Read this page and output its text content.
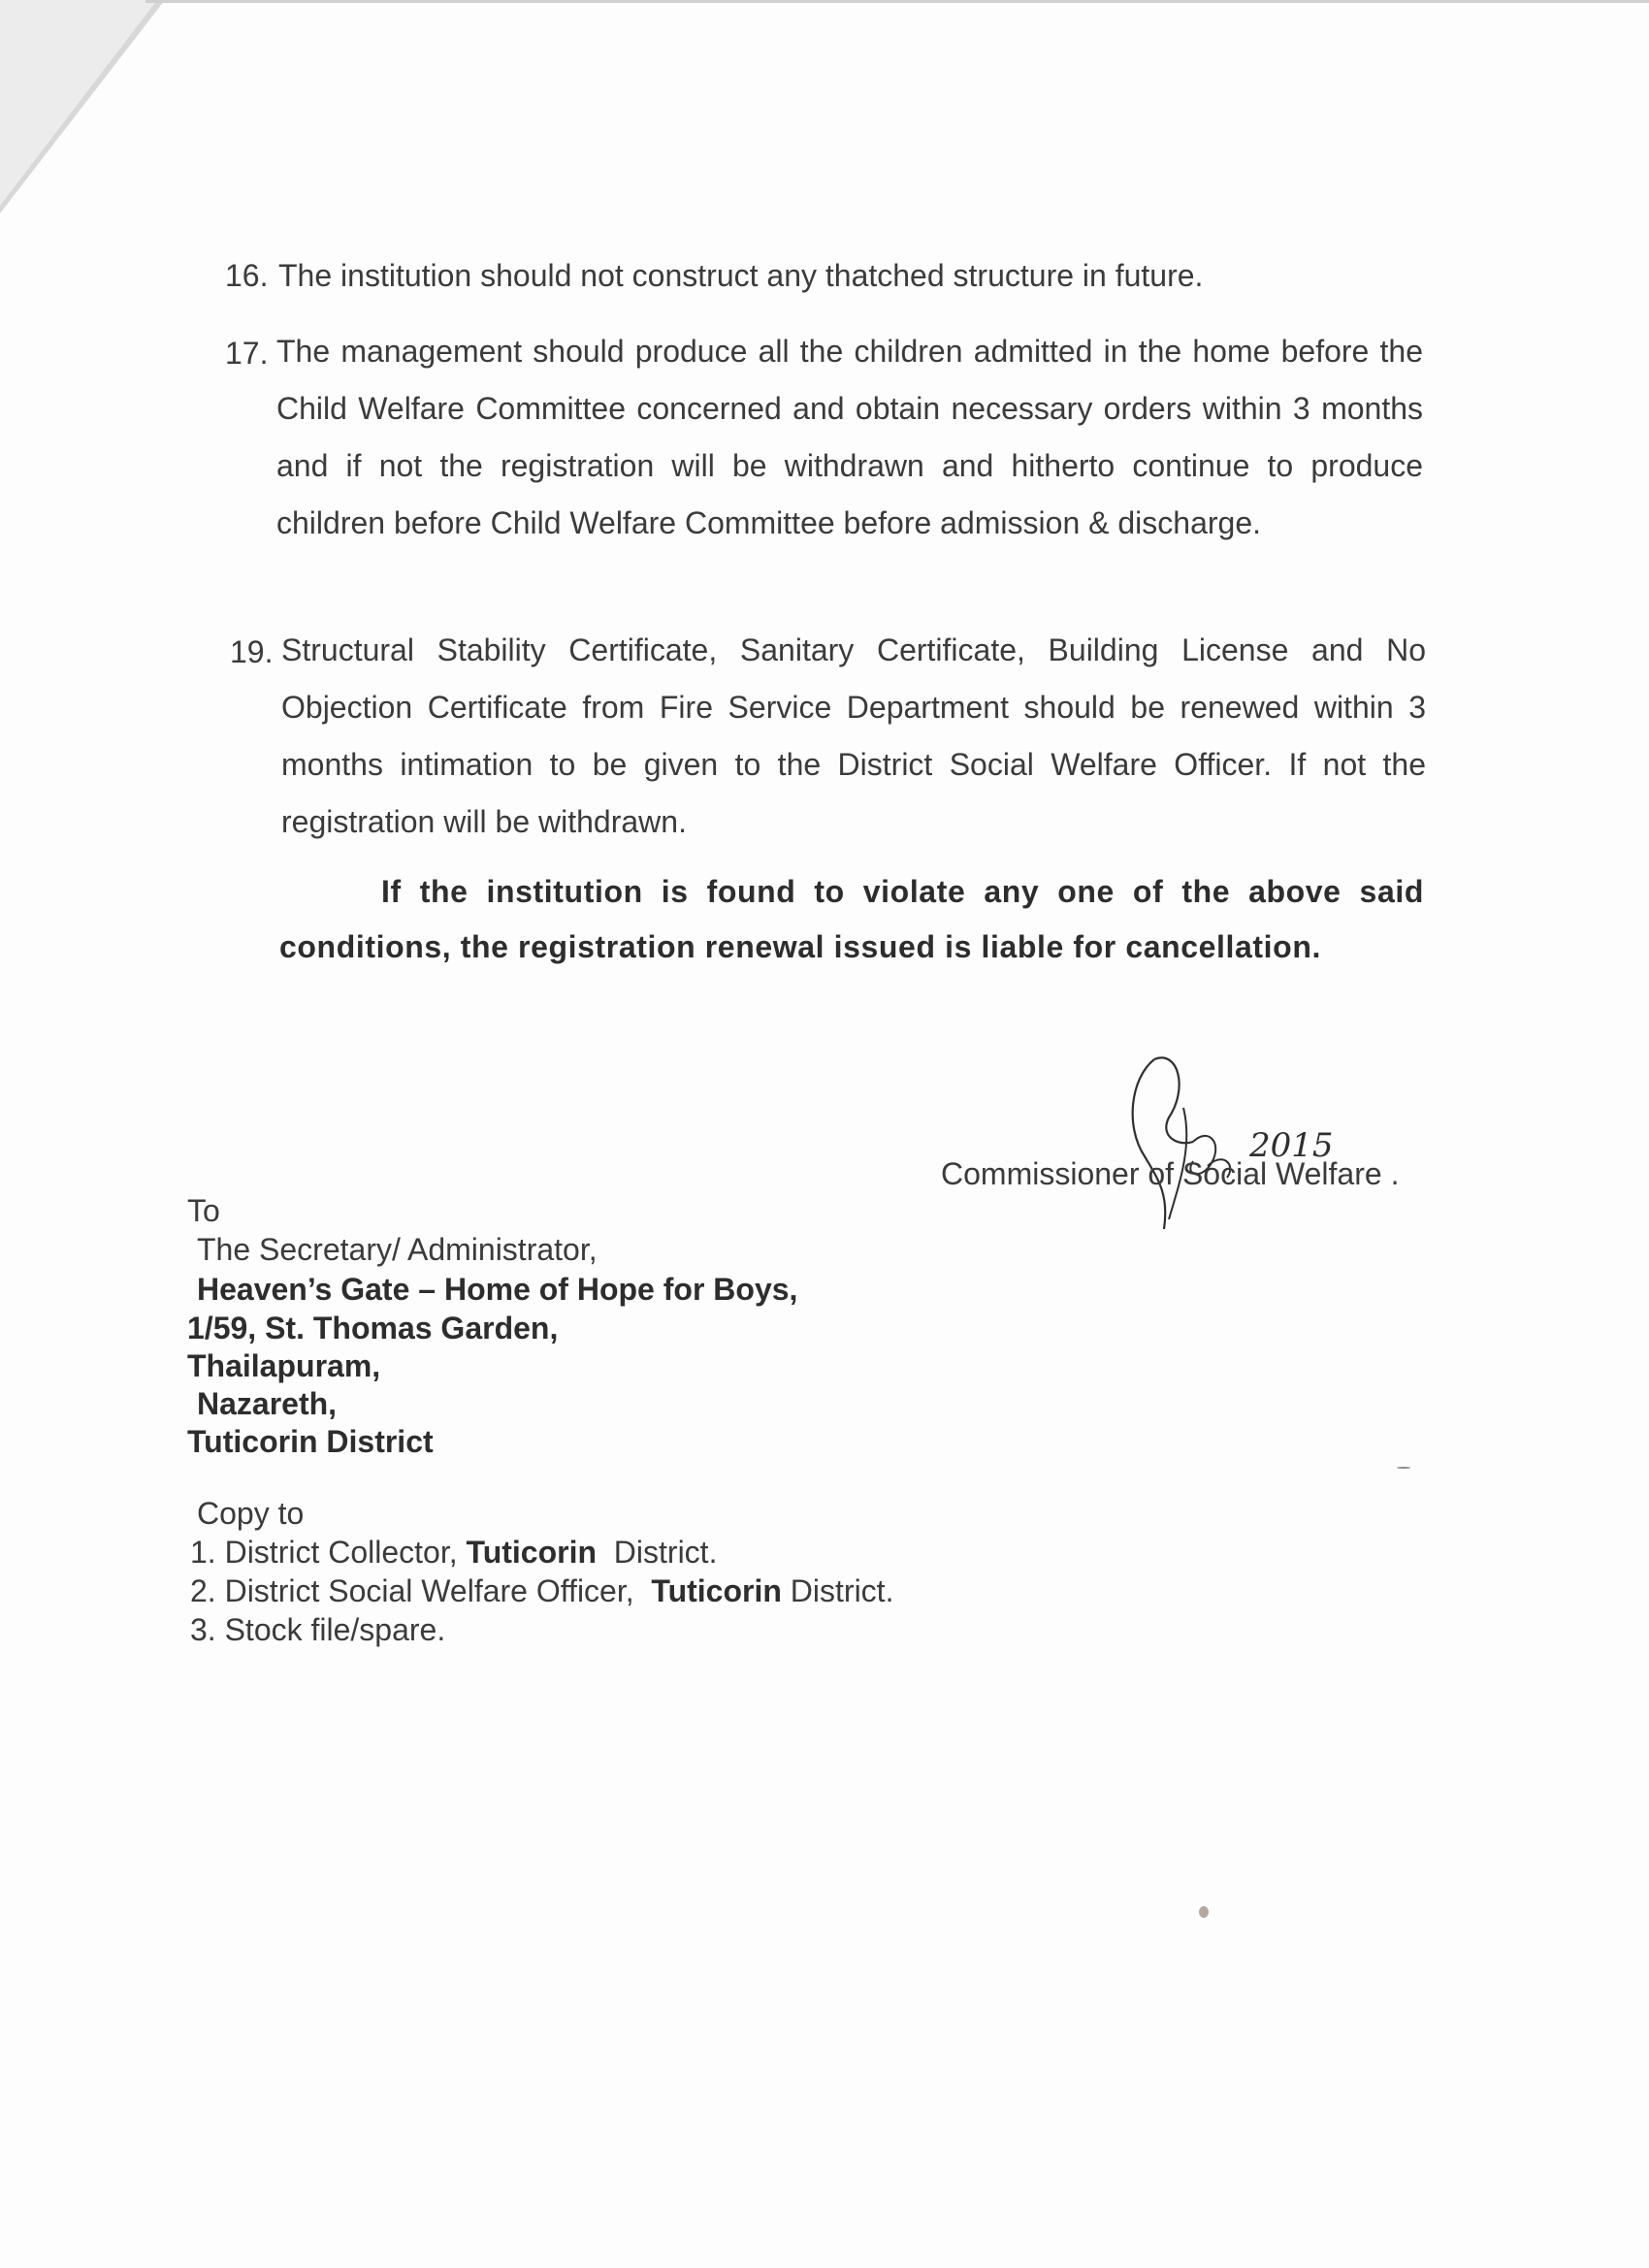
16. The institution should not construct any thatched structure in future.
17. The management should produce all the children admitted in the home before the Child Welfare Committee concerned and obtain necessary orders within 3 months and if not the registration will be withdrawn and hitherto continue to produce children before Child Welfare Committee before admission & discharge.
19. Structural Stability Certificate, Sanitary Certificate, Building License and No Objection Certificate from Fire Service Department should be renewed within 3 months intimation to be given to the District Social Welfare Officer. If not the registration will be withdrawn.
If the institution is found to violate any one of the above said conditions, the registration renewal issued is liable for cancellation.
2015
Commissioner of Social Welfare .
To
The Secretary/ Administrator,
Heaven’s Gate – Home of Hope for Boys,
1/59, St. Thomas Garden,
Thailapuram,
Nazareth,
Tuticorin District
Copy to
1. District Collector, Tuticorin  District.
2. District Social Welfare Officer,  Tuticorin District.
3. Stock file/spare.
